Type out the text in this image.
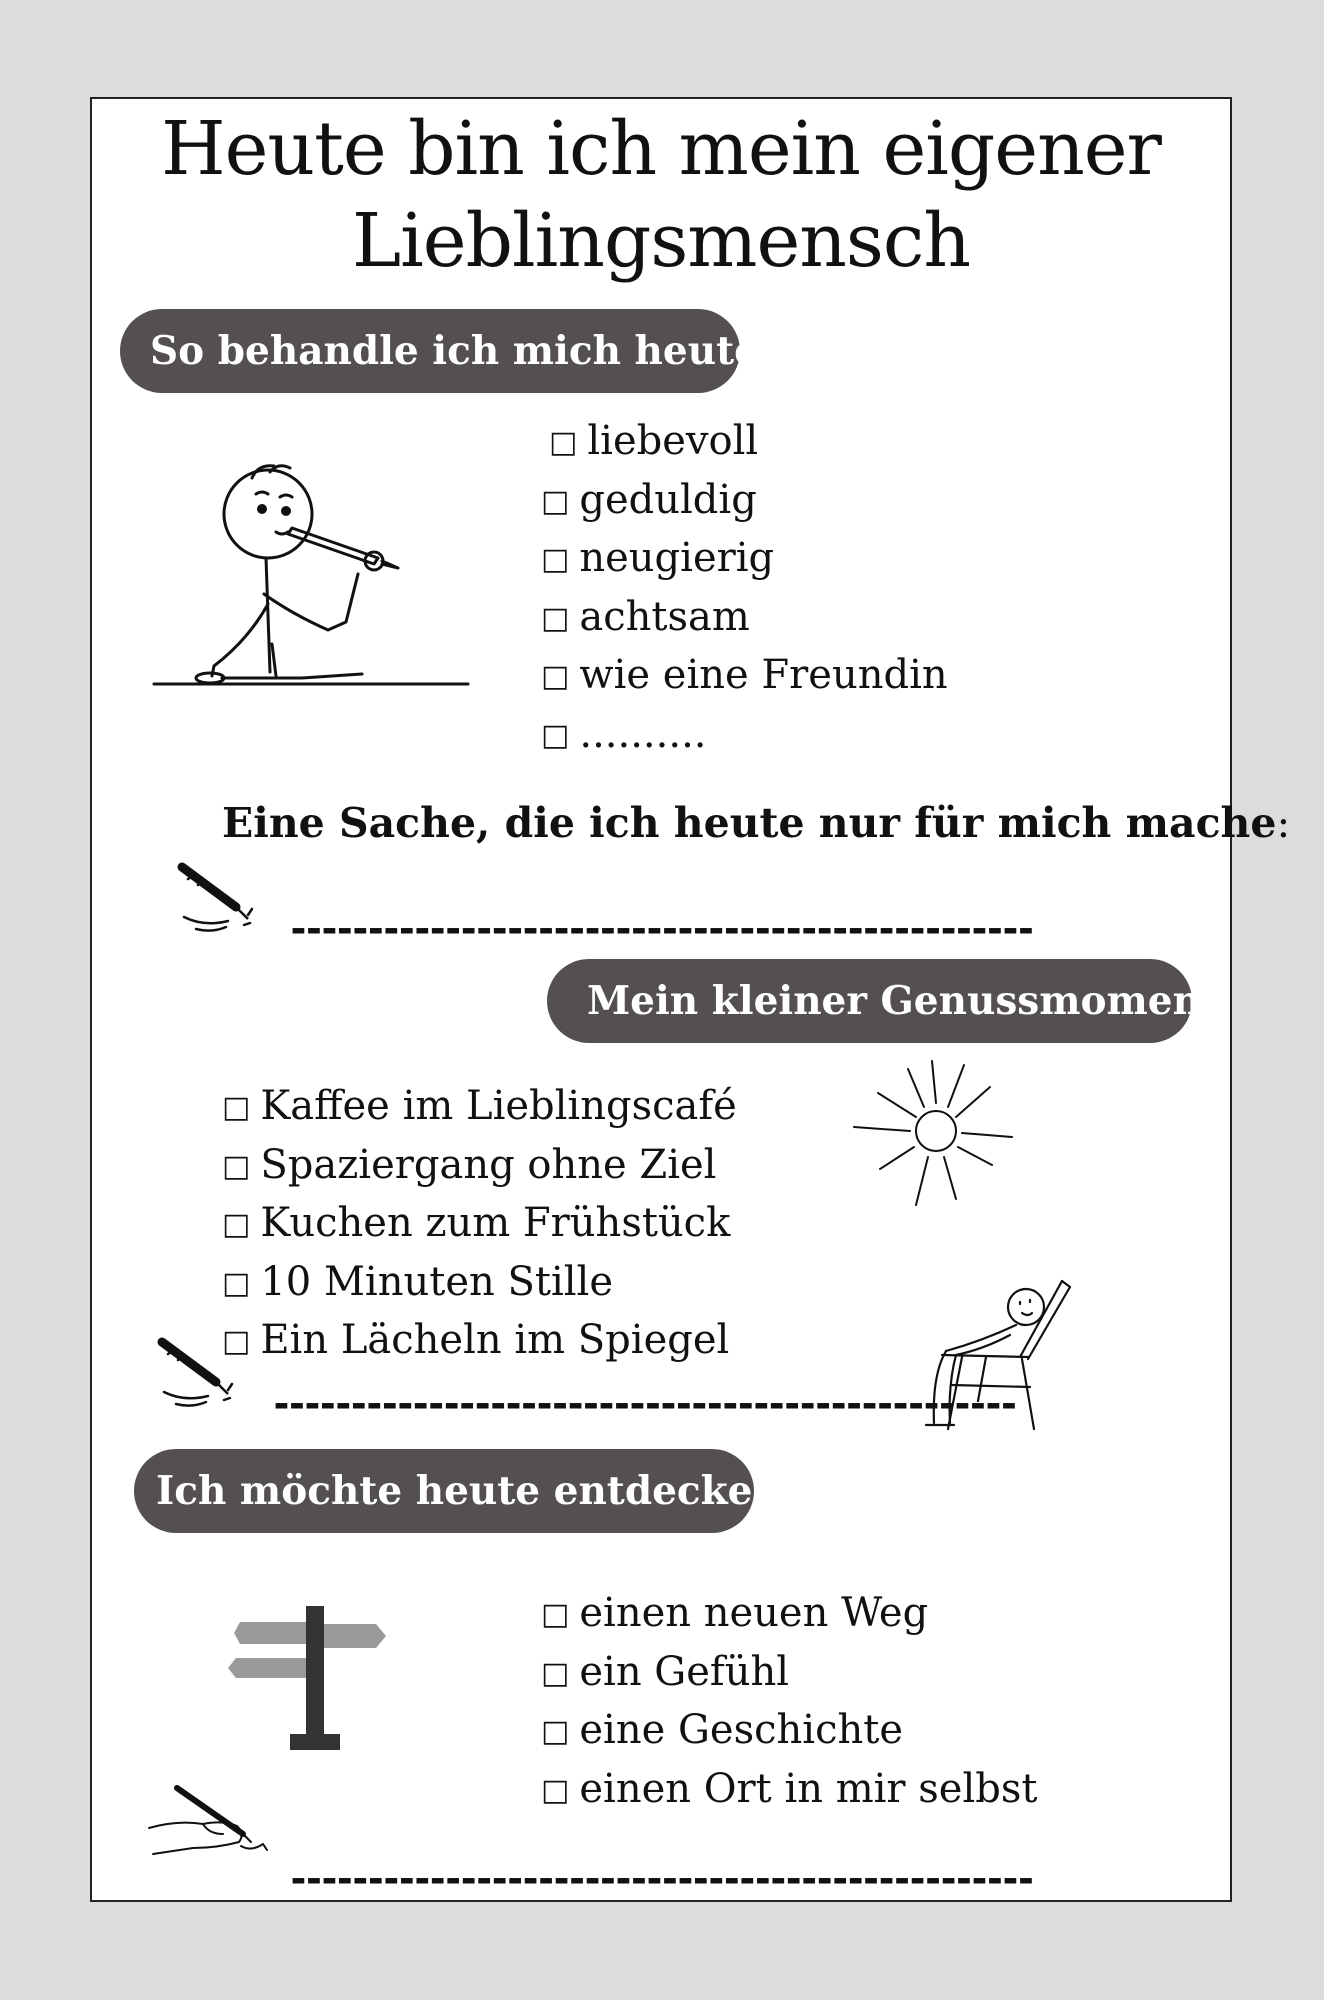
Heute bin ich mein eigener
Lieblingsmensch
So behandle ich mich heute:
□ liebevoll
□ geduldig
□ neugierig
□ achtsam
□ wie eine Freundin
□ ..........
Eine Sache, die ich heute nur für mich mache:
------------------------------------------------
Mein kleiner Genussmoment:
□ Kaffee im Lieblingscafé
□ Spaziergang ohne Ziel
□ Kuchen zum Frühstück
□ 10 Minuten Stille
□ Ein Lächeln im Spiegel
------------------------------------------------
Ich möchte heute entdecken...
□ einen neuen Weg
□ ein Gefühl
□ eine Geschichte
□ einen Ort in mir selbst
------------------------------------------------
